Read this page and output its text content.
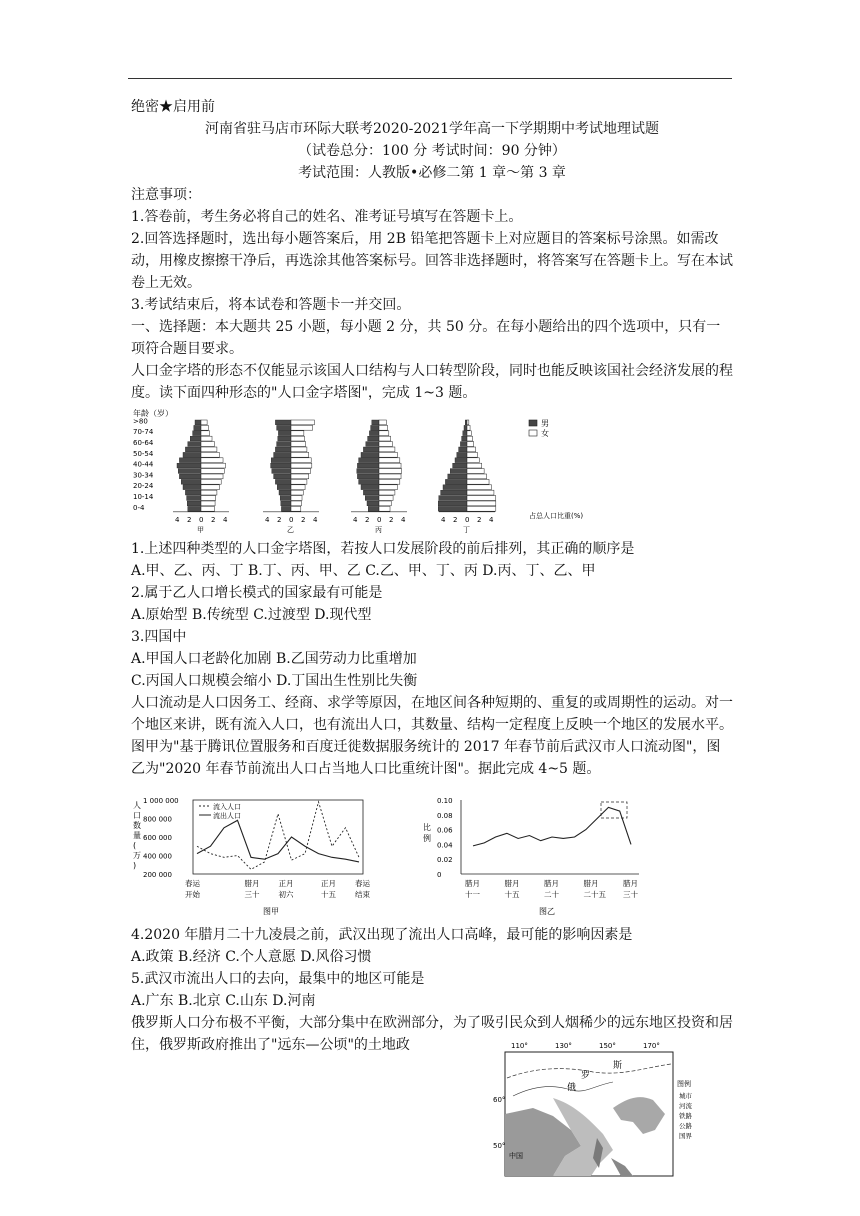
绝密★启用前

河南省驻马店市环际大联考2020-2021学年高一下学期期中考试地理试题

（试卷总分：100 分 考试时间：90 分钟）

考试范围：人教版•必修二第 1 章～第 3 章

注意事项：

1.答卷前，考生务必将自己的姓名、准考证号填写在答题卡上。

2.回答选择题时，选出每小题答案后，用 2B 铅笔把答题卡上对应题目的答案标号涂黑。如需改动，用橡皮擦擦干净后，再选涂其他答案标号。回答非选择题时，将答案写在答题卡上。写在本试卷上无效。

3.考试结束后，将本试卷和答题卡一并交回。

一、选择题：本大题共 25 小题，每小题 2 分，共 50 分。在每小题给出的四个选项中，只有一项符合题目要求。

人口金字塔的形态不仅能显示该国人口结构与人口转型阶段，同时也能反映该国社会经济发展的程度。读下面四种形态的"人口金字塔图"，完成 1~3 题。

年龄（岁）
>80
70-74
60-64
50-54
40-44
30-34
20-24
10-14
0-4
4 2 0 2 4
甲
4 2 0 2 4
乙
4 2 0 2 4
丙
4 2 0 2 4
丁
男
女
占总人口比重(%)

1.上述四种类型的人口金字塔图，若按人口发展阶段的前后排列，其正确的顺序是

A.甲、乙、丙、丁 B.丁、丙、甲、乙 C.乙、甲、丁、丙 D.丙、丁、乙、甲

2.属于乙人口增长模式的国家最有可能是

A.原始型 B.传统型 C.过渡型 D.现代型

3.四国中

A.甲国人口老龄化加剧 B.乙国劳动力比重增加

C.丙国人口规模会缩小 D.丁国出生性别比失衡

人口流动是人口因务工、经商、求学等原因，在地区间各种短期的、重复的或周期性的运动。对一个地区来讲，既有流入人口，也有流出人口，其数量、结构一定程度上反映一个地区的发展水平。图甲为"基于腾讯位置服务和百度迁徙数据服务统计的 2017 年春节前后武汉市人口流动图"，图乙为"2020 年春节前流出人口占当地人口比重统计图"。据此完成 4~5 题。

人
口
数
量
(
万
)
1 000 000
800 000
600 000
400 000
200 000
流入人口
流出人口
春运
开始
腊月
三十
正月
初六
正月
十五
春运
结束
图甲
0.10
0.08
0.06
0.04
0.02
0
比
例
腊月
十一
腊月
十五
腊月
二十
腊月
二十五
腊月
三十
图乙

4.2020 年腊月二十九凌晨之前，武汉出现了流出人口高峰，最可能的影响因素是

A.政策 B.经济 C.个人意愿 D.风俗习惯

5.武汉市流出人口的去向，最集中的地区可能是

A.广东 B.北京 C.山东 D.河南

俄罗斯人口分布极不平衡，大部分集中在欧洲部分，为了吸引民众到人烟稀少的远东地区投资和居住，俄罗斯政府推出了"远东—公顷"的土地政	110°	130°	150°	170°
60°
50°
俄
罗
斯
中国
图例
城市
河流
铁路
公路
国界
